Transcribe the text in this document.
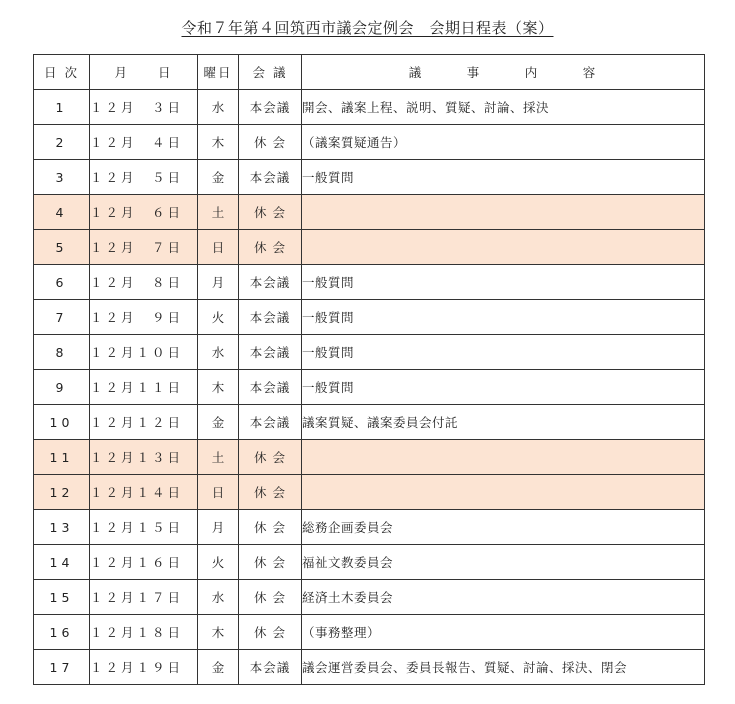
令和７年第４回筑西市議会定例会　会期日程表（案）
日 次	月　　日	曜日	会 議	議　　　事　　　内　　　容
1	１２月　３日	水	本会議	開会、議案上程、説明、質疑、討論、採決
2	１２月　４日	木	休 会	（議案質疑通告）
3	１２月　５日	金	本会議	一般質問
4	１２月　６日	土	休 会	
5	１２月　７日	日	休 会	
6	１２月　８日	月	本会議	一般質問
7	１２月　９日	火	本会議	一般質問
8	１２月１０日	水	本会議	一般質問
9	１２月１１日	木	本会議	一般質問
10	１２月１２日	金	本会議	議案質疑、議案委員会付託
11	１２月１３日	土	休 会	
12	１２月１４日	日	休 会	
13	１２月１５日	月	休 会	総務企画委員会
14	１２月１６日	火	休 会	福祉文教委員会
15	１２月１７日	水	休 会	経済土木委員会
16	１２月１８日	木	休 会	（事務整理）
17	１２月１９日	金	本会議	議会運営委員会、委員長報告、質疑、討論、採決、閉会
